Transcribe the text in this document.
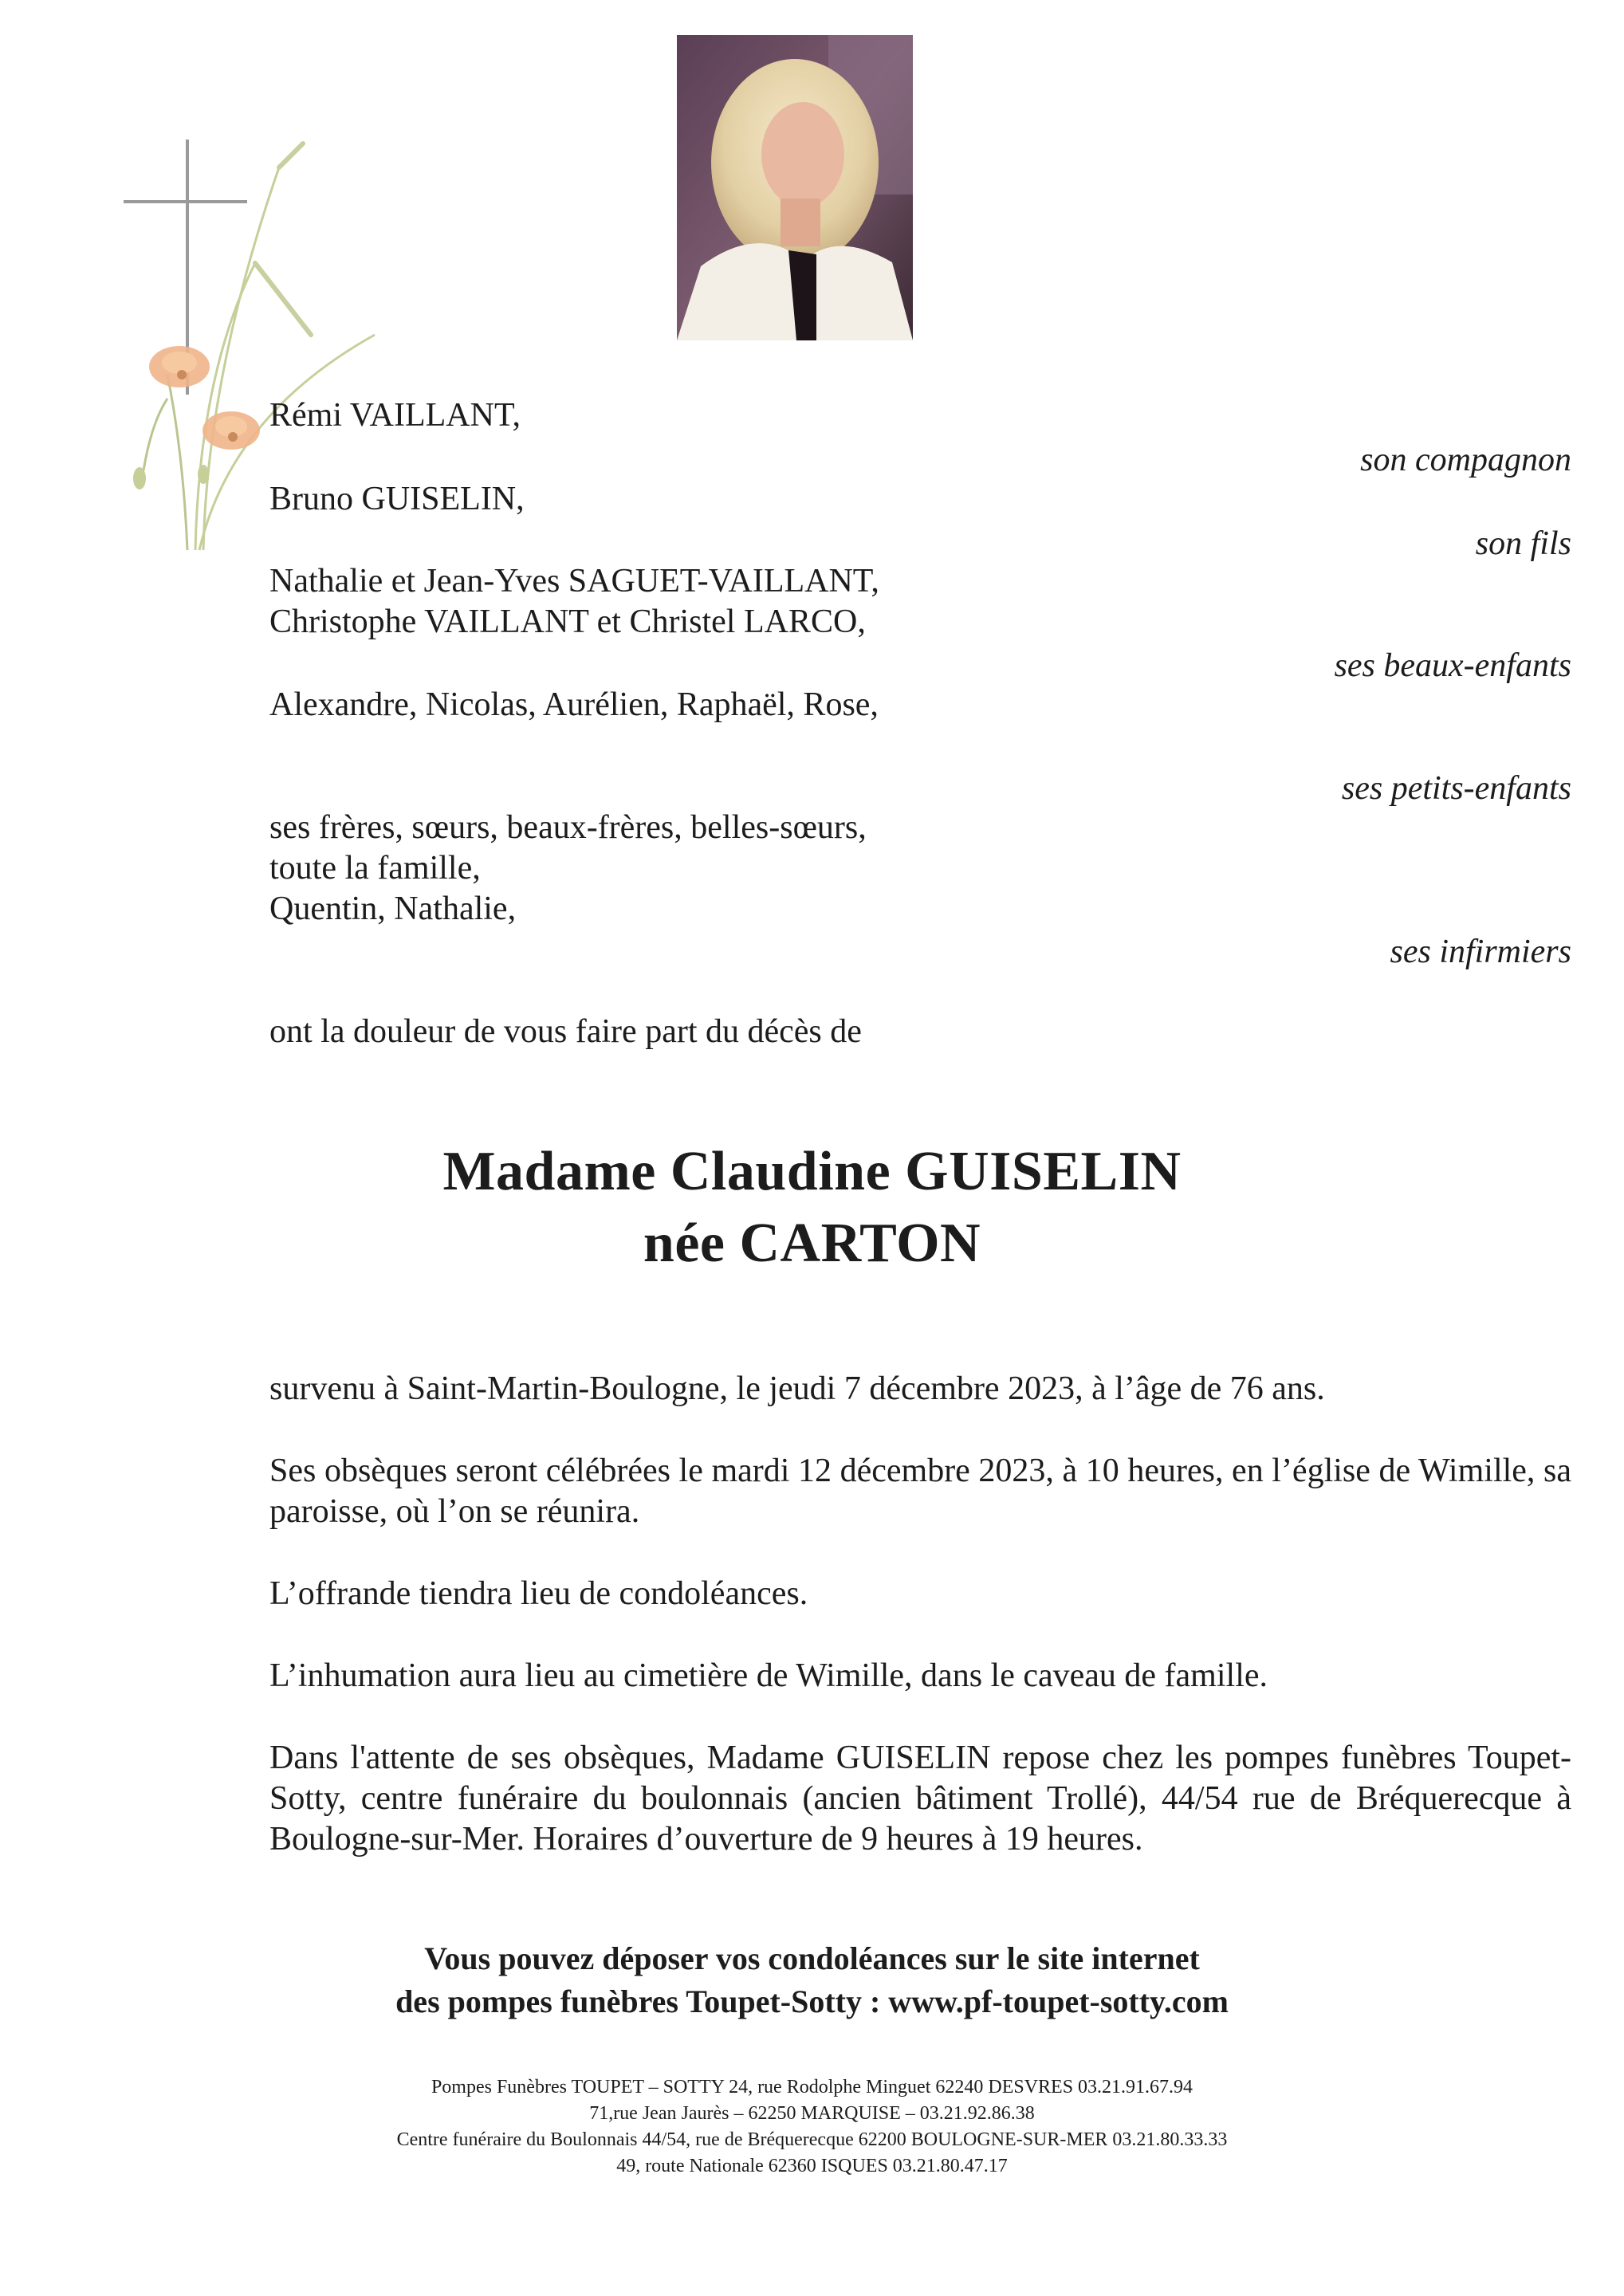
Rémi VAILLANT,
Bruno GUISELIN,
Nathalie et Jean-Yves SAGUET-VAILLANT,
Christophe VAILLANT et Christel LARCO,
Alexandre, Nicolas, Aurélien, Raphaël, Rose,
ses frères, sœurs, beaux-frères, belles-sœurs,
toute la famille,
Quentin, Nathalie,
son compagnon
son fils
ses beaux-enfants
ses petits-enfants
ses infirmiers
ont la douleur de vous faire part du décès de
Madame Claudine GUISELIN
née CARTON
survenu à Saint-Martin-Boulogne, le jeudi 7 décembre 2023, à l’âge de 76 ans.
Ses obsèques seront célébrées le mardi 12 décembre 2023, à 10 heures, en l’église de Wimille, sa paroisse, où l’on se réunira.
L’offrande tiendra lieu de condoléances.
L’inhumation aura lieu au cimetière de Wimille, dans le caveau de famille.
Dans l'attente de ses obsèques, Madame GUISELIN repose chez les pompes funèbres Toupet-Sotty, centre funéraire du boulonnais (ancien bâtiment Trollé), 44/54 rue de Bréquerecque à Boulogne-sur-Mer. Horaires d’ouverture de 9 heures à 19 heures.
Vous pouvez déposer vos condoléances sur le site internet
des pompes funèbres Toupet-Sotty : www.pf-toupet-sotty.com
Pompes Funèbres TOUPET – SOTTY 24, rue Rodolphe Minguet 62240 DESVRES 03.21.91.67.94
71,rue Jean Jaurès – 62250 MARQUISE – 03.21.92.86.38
Centre funéraire du Boulonnais 44/54, rue de Bréquerecque 62200 BOULOGNE-SUR-MER 03.21.80.33.33
49, route Nationale 62360 ISQUES 03.21.80.47.17
